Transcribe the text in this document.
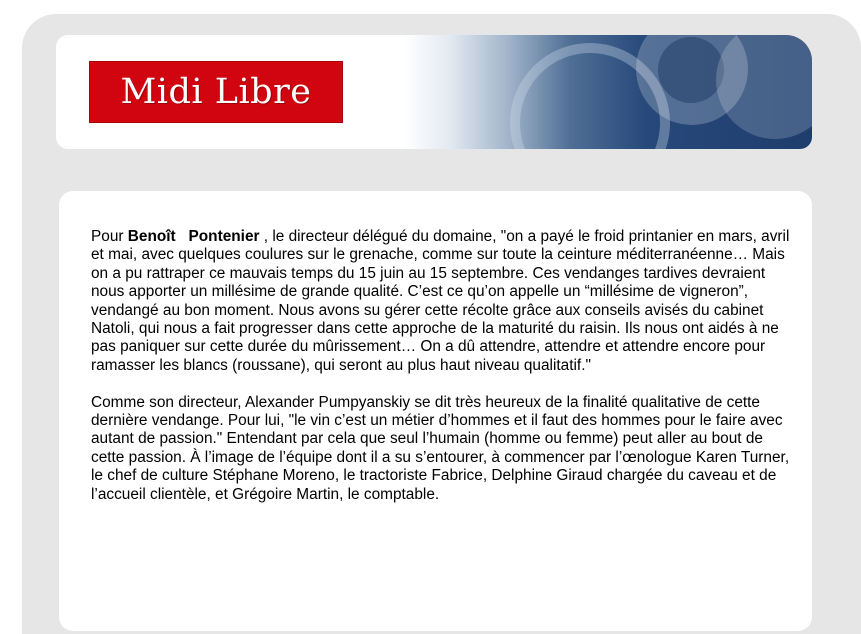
Midi Libre

Pour Benoît Pontenier , le directeur délégué du domaine, "on a payé le froid printanier en mars, avril et mai, avec quelques coulures sur le grenache, comme sur toute la ceinture méditerranéenne… Mais on a pu rattraper ce mauvais temps du 15 juin au 15 septembre. Ces vendanges tardives devraient nous apporter un millésime de grande qualité. C’est ce qu’on appelle un “millésime de vigneron”, vendangé au bon moment. Nous avons su gérer cette récolte grâce aux conseils avisés du cabinet Natoli, qui nous a fait progresser dans cette approche de la maturité du raisin. Ils nous ont aidés à ne pas paniquer sur cette durée du mûrissement… On a dû attendre, attendre et attendre encore pour ramasser les blancs (roussane), qui seront au plus haut niveau qualitatif."

Comme son directeur, Alexander Pumpyanskiy se dit très heureux de la finalité qualitative de cette dernière vendange. Pour lui, "le vin c’est un métier d’hommes et il faut des hommes pour le faire avec autant de passion." Entendant par cela que seul l’humain (homme ou femme) peut aller au bout de cette passion. À l’image de l’équipe dont il a su s’entourer, à commencer par l’œnologue Karen Turner, le chef de culture Stéphane Moreno, le tractoriste Fabrice, Delphine Giraud chargée du caveau et de l’accueil clientèle, et Grégoire Martin, le comptable.
